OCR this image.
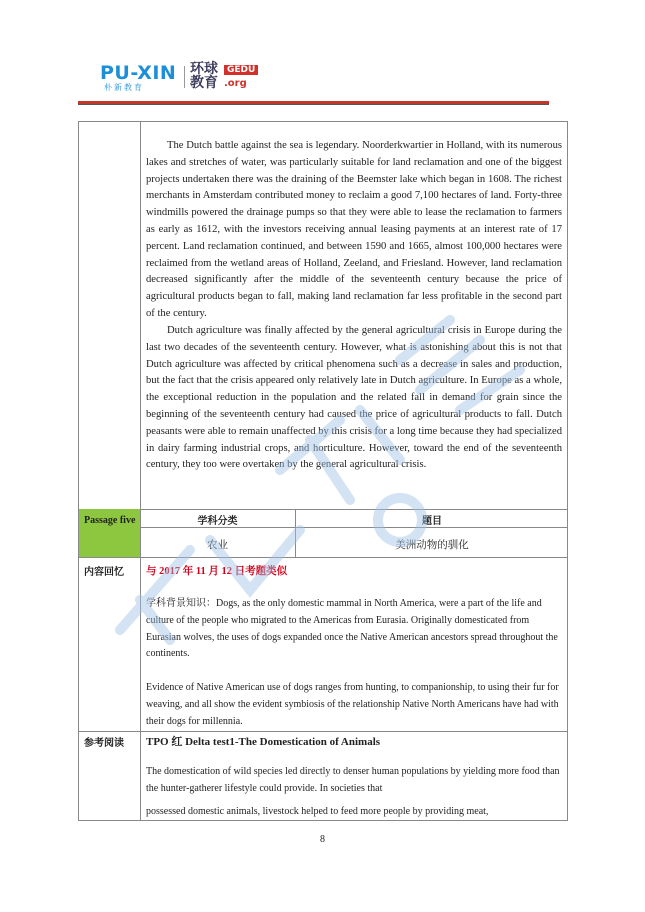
PU-XIN
朴新教育
环球教育
GEDU
.org

The Dutch battle against the sea is legendary. Noorderkwartier in Holland, with its numerous lakes and stretches of water, was particularly suitable for land reclamation and one of the biggest projects undertaken there was the draining of the Beemster lake which began in 1608. The richest merchants in Amsterdam contributed money to reclaim a good 7,100 hectares of land. Forty-three windmills powered the drainage pumps so that they were able to lease the reclamation to farmers as early as 1612, with the investors receiving annual leasing payments at an interest rate of 17 percent. Land reclamation continued, and between 1590 and 1665, almost 100,000 hectares were reclaimed from the wetland areas of Holland, Zeeland, and Friesland. However, land reclamation decreased significantly after the middle of the seventeenth century because the price of agricultural products began to fall, making land reclamation far less profitable in the second part of the century.

Dutch agriculture was finally affected by the general agricultural crisis in Europe during the last two decades of the seventeenth century. However, what is astonishing about this is not that Dutch agriculture was affected by critical phenomena such as a decrease in sales and production, but the fact that the crisis appeared only relatively late in Dutch agriculture. In Europe as a whole, the exceptional reduction in the population and the related fall in demand for grain since the beginning of the seventeenth century had caused the price of agricultural products to fall. Dutch peasants were able to remain unaffected by this crisis for a long time because they had specialized in dairy farming industrial crops, and horticulture. However, toward the end of the seventeenth century, they too were overtaken by the general agricultural crisis.

Passage five	学科分类	题目
农业	美洲动物的驯化
内容回忆 与 2017 年 11 月 12 日考题类似

学科背景知识：Dogs, as the only domestic mammal in North America, were a part of the life and culture of the people who migrated to the Americas from Eurasia. Originally domesticated from Eurasian wolves, the uses of dogs expanded once the Native American ancestors spread throughout the continents.

Evidence of Native American use of dogs ranges from hunting, to companionship, to using their fur for weaving, and all show the evident symbiosis of the relationship Native North Americans have had with their dogs for millennia.

参考阅读 TPO 红 Delta test1-The Domestication of Animals

The domestication of wild species led directly to denser human populations by yielding more food than the hunter-gatherer lifestyle could provide. In societies that

possessed domestic animals, livestock helped to feed more people by providing meat,

8
